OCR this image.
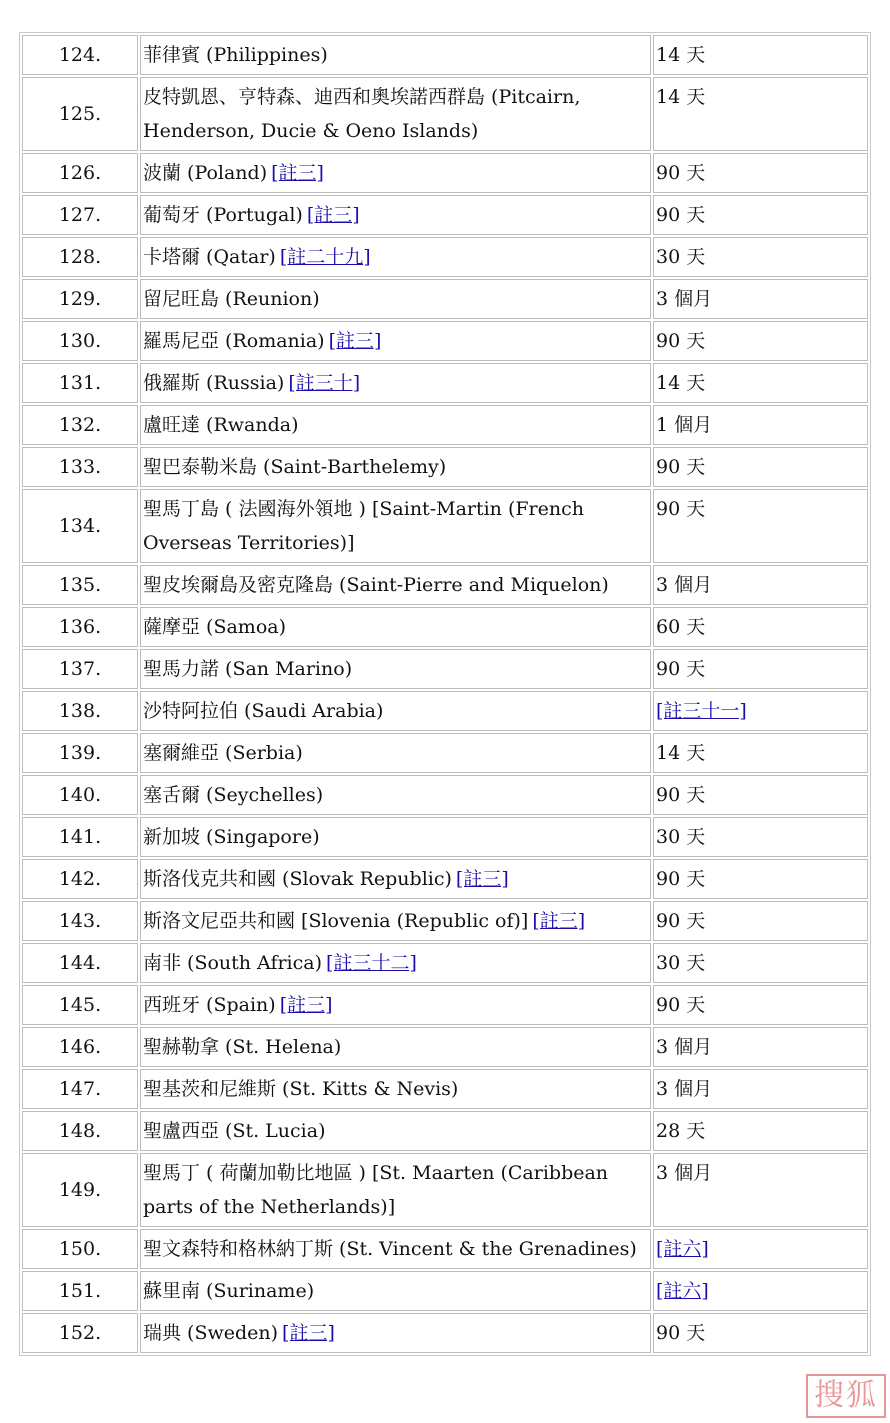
124.	菲律賓 (Philippines)	14 天
125.	皮特凱恩、亨特森、迪西和奧埃諾西群島 (Pitcairn, Henderson, Ducie & Oeno Islands)	14 天
126.	波蘭 (Poland) [註三]	90 天
127.	葡萄牙 (Portugal) [註三]	90 天
128.	卡塔爾 (Qatar) [註二十九]	30 天
129.	留尼旺島 (Reunion)	3 個月
130.	羅馬尼亞 (Romania) [註三]	90 天
131.	俄羅斯 (Russia) [註三十]	14 天
132.	盧旺達 (Rwanda)	1 個月
133.	聖巴泰勒米島 (Saint-Barthelemy)	90 天
134.	聖馬丁島 ( 法國海外領地 ) [Saint-Martin (French Overseas Territories)]	90 天
135.	聖皮埃爾島及密克隆島 (Saint-Pierre and Miquelon)	3 個月
136.	薩摩亞 (Samoa)	60 天
137.	聖馬力諾 (San Marino)	90 天
138.	沙特阿拉伯 (Saudi Arabia)	[註三十一]
139.	塞爾維亞 (Serbia)	14 天
140.	塞舌爾 (Seychelles)	90 天
141.	新加坡 (Singapore)	30 天
142.	斯洛伐克共和國 (Slovak Republic) [註三]	90 天
143.	斯洛文尼亞共和國 [Slovenia (Republic of)] [註三]	90 天
144.	南非 (South Africa) [註三十二]	30 天
145.	西班牙 (Spain) [註三]	90 天
146.	聖赫勒拿 (St. Helena)	3 個月
147.	聖基茨和尼維斯 (St. Kitts & Nevis)	3 個月
148.	聖盧西亞 (St. Lucia)	28 天
149.	聖馬丁 ( 荷蘭加勒比地區 ) [St. Maarten (Caribbean parts of the Netherlands)]	3 個月
150.	聖文森特和格林納丁斯 (St. Vincent & the Grenadines)	[註六]
151.	蘇里南 (Suriname)	[註六]
152.	瑞典 (Sweden) [註三]	90 天
搜狐
